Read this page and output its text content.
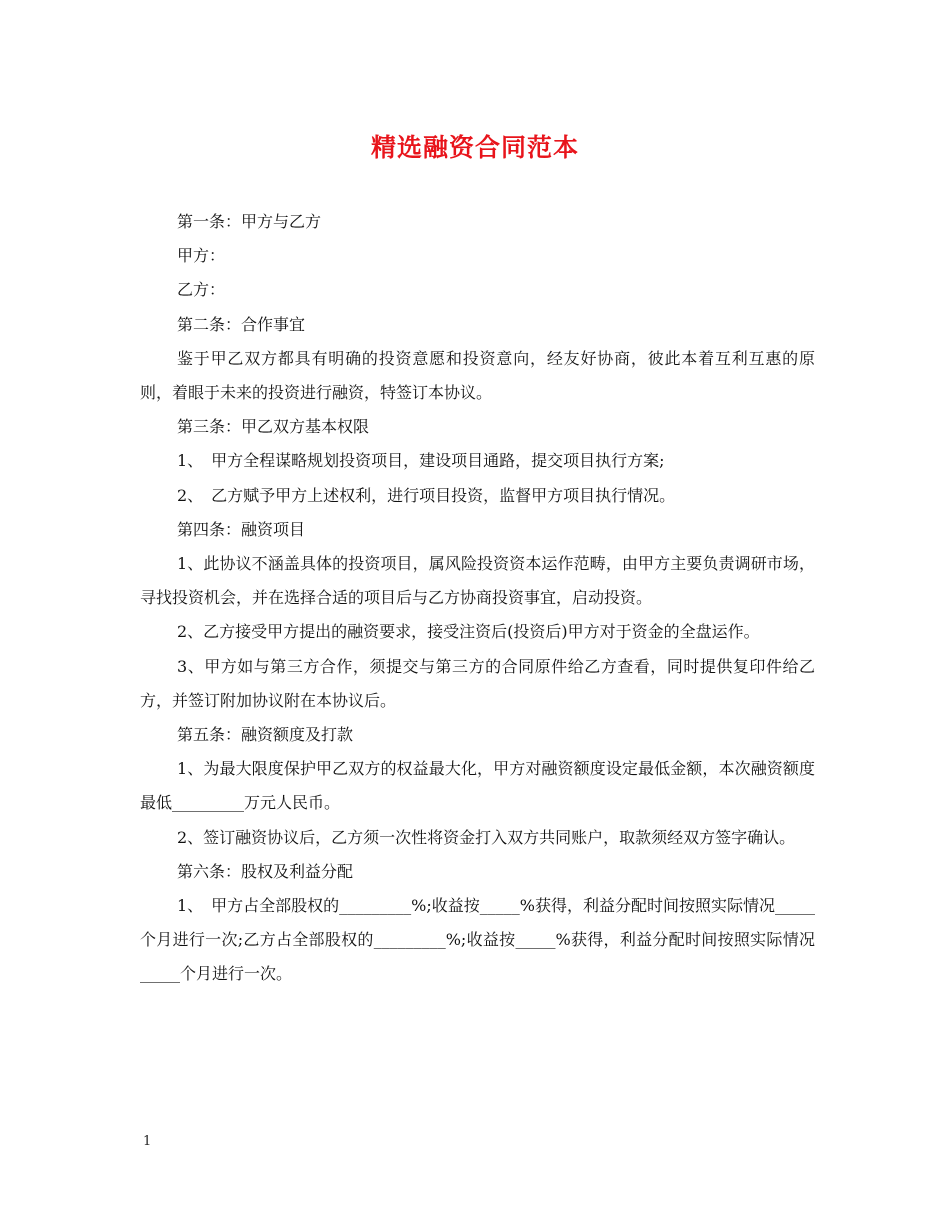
精选融资合同范本

第一条：甲方与乙方

甲方：

乙方：

第二条：合作事宜

鉴于甲乙双方都具有明确的投资意愿和投资意向，经友好协商，彼此本着互利互惠的原则，着眼于未来的投资进行融资，特签订本协议。

第三条：甲乙双方基本权限

1、　甲方全程谋略规划投资项目，建设项目通路，提交项目执行方案;

2、　乙方赋予甲方上述权利，进行项目投资，监督甲方项目执行情况。

第四条：融资项目

1、此协议不涵盖具体的投资项目，属风险投资资本运作范畴，由甲方主要负责调研市场，寻找投资机会，并在选择合适的项目后与乙方协商投资事宜，启动投资。

2、乙方接受甲方提出的融资要求，接受注资后(投资后)甲方对于资金的全盘运作。

3、甲方如与第三方合作，须提交与第三方的合同原件给乙方查看，同时提供复印件给乙方，并签订附加协议附在本协议后。

第五条：融资额度及打款

1、为最大限度保护甲乙双方的权益最大化，甲方对融资额度设定最低金额，本次融资额度最低_________万元人民币。

2、签订融资协议后，乙方须一次性将资金打入双方共同账户，取款须经双方签字确认。

第六条：股权及利益分配

1、　甲方占全部股权的_________%;收益按_____%获得，利益分配时间按照实际情况_____个月进行一次;乙方占全部股权的_________%;收益按_____%获得，利益分配时间按照实际情况_____个月进行一次。

1
